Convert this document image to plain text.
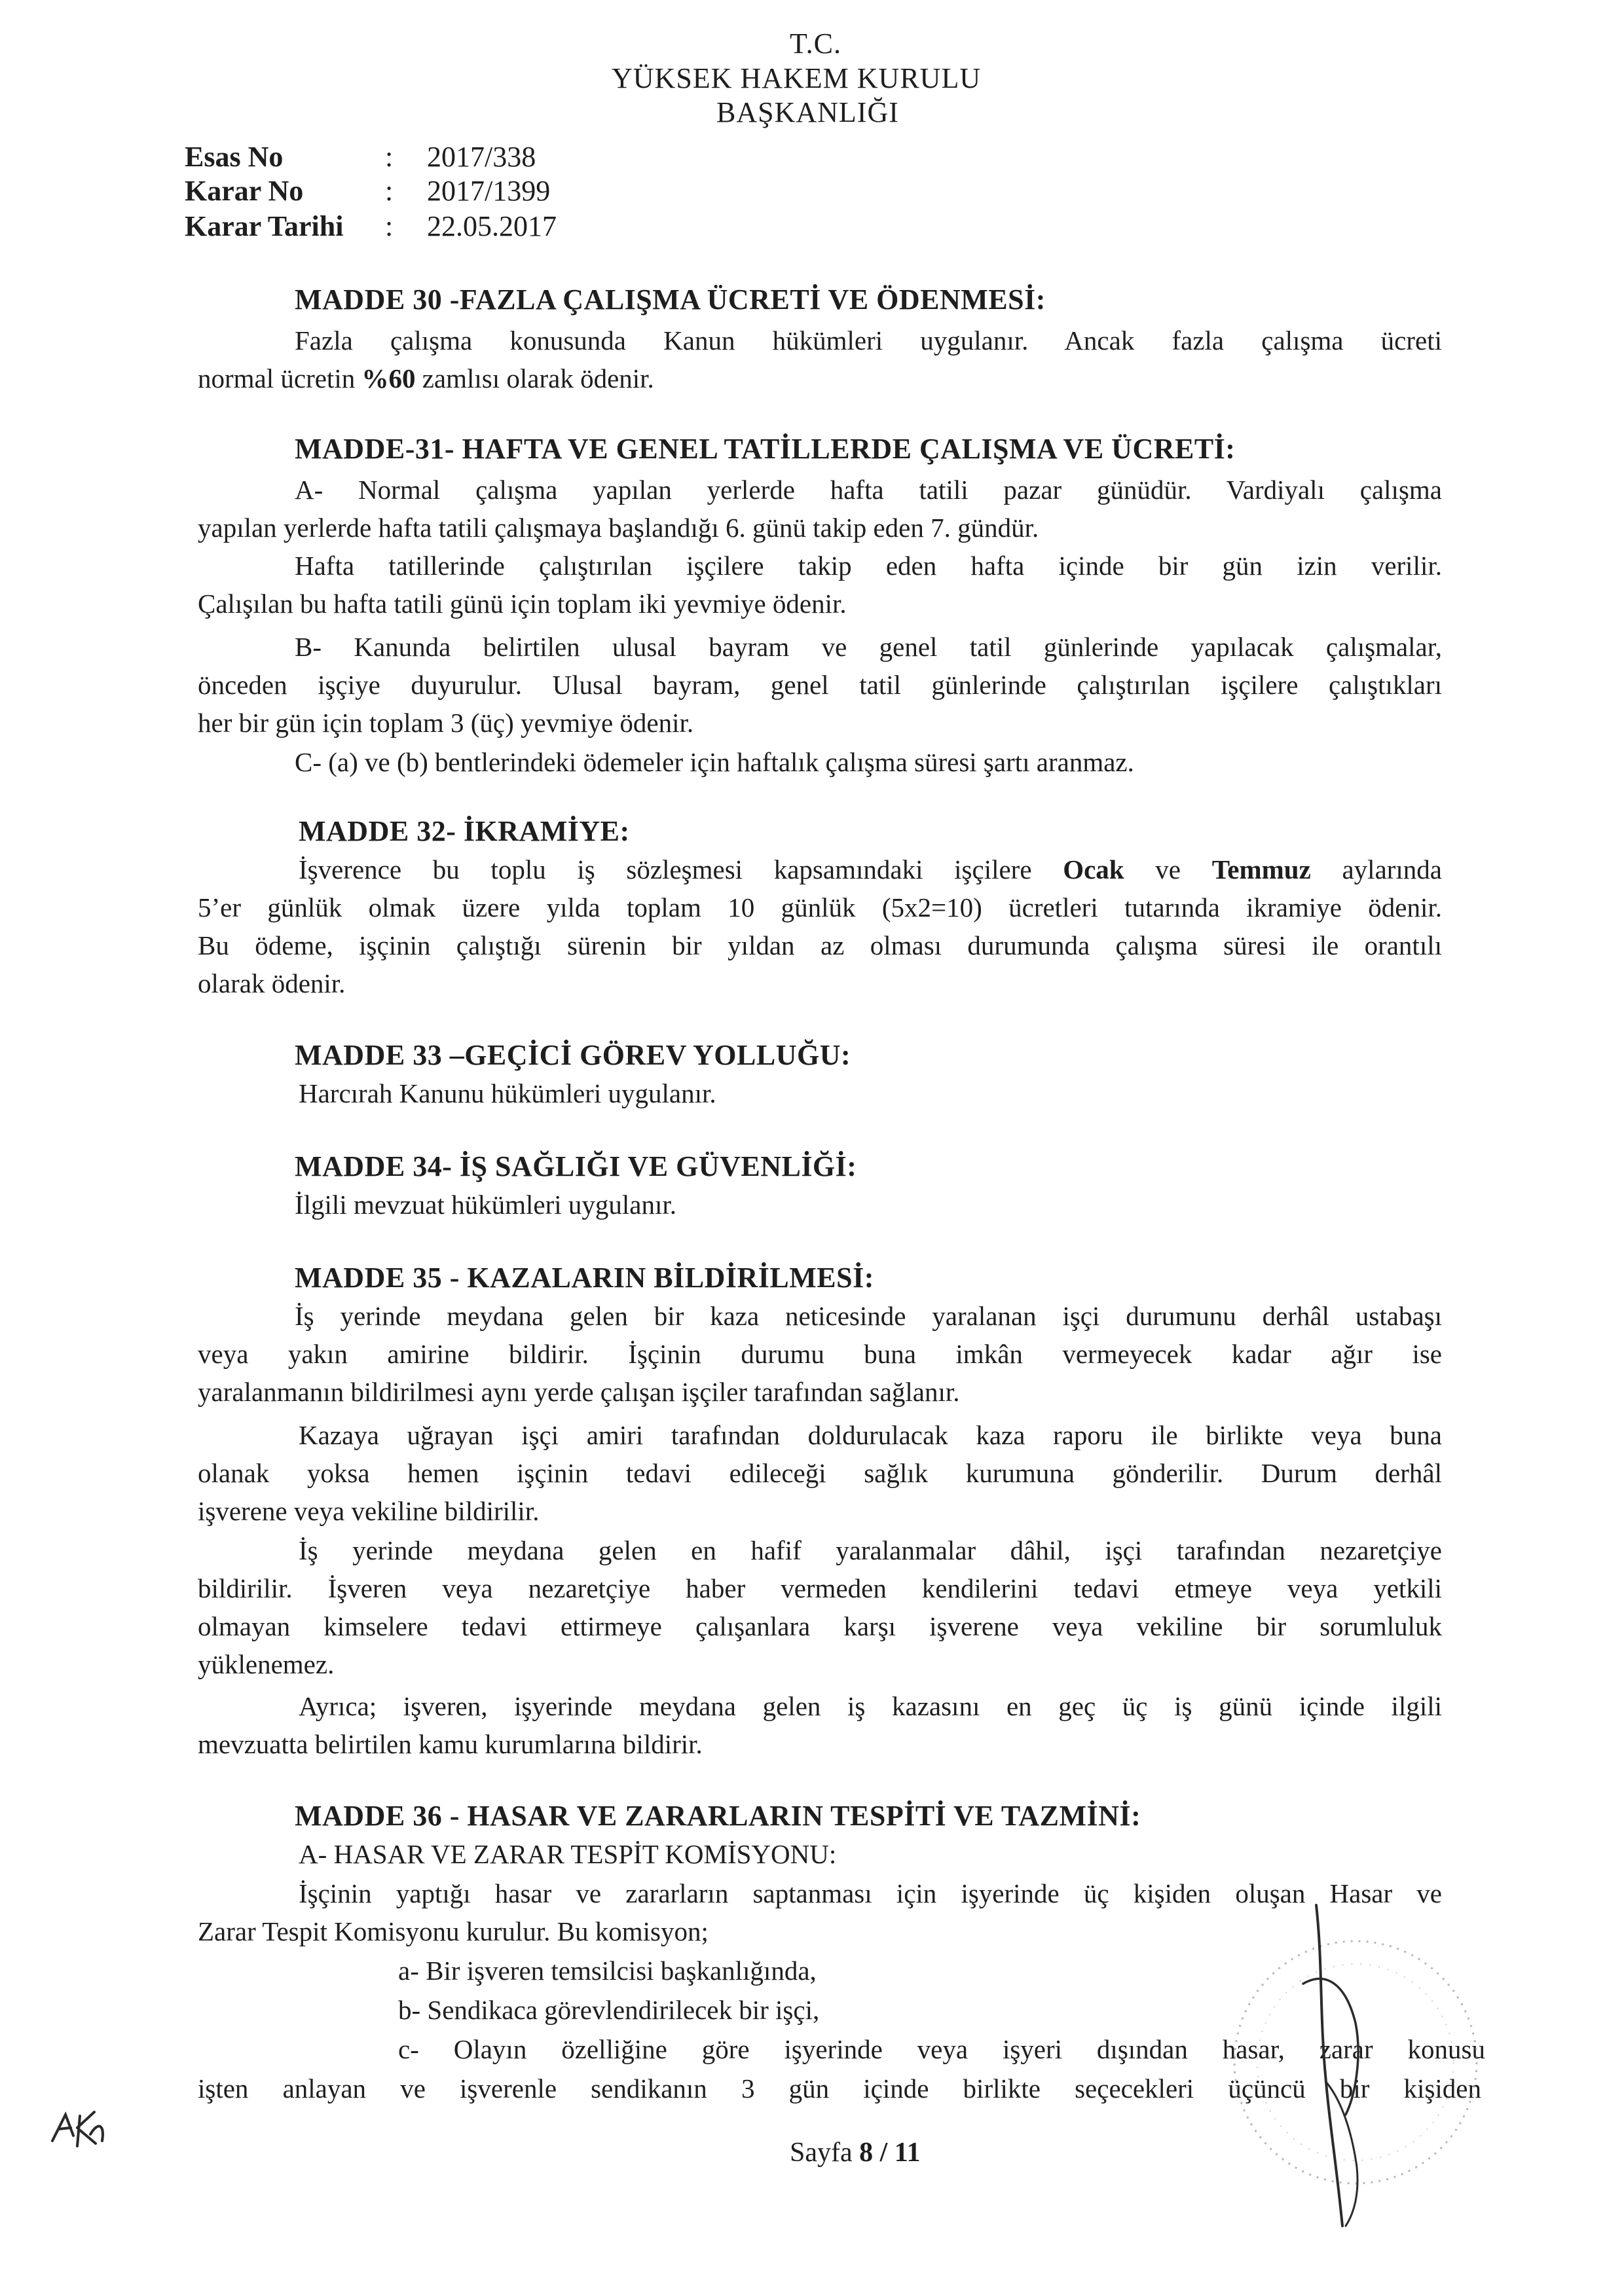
T.C.
YÜKSEK HAKEM KURULU
BAŞKANLIĞI
Esas No	: 2017/338
Karar No	: 2017/1399
Karar Tarihi : 22.05.2017
MADDE 30 -FAZLA ÇALIŞMA ÜCRETİ VE ÖDENMESİ:
Fazla çalışma konusunda Kanun hükümleri uygulanır. Ancak fazla çalışma ücreti
normal ücretin %60 zamlısı olarak ödenir.
MADDE-31- HAFTA VE GENEL TATİLLERDE ÇALIŞMA VE ÜCRETİ:
A- Normal çalışma yapılan yerlerde hafta tatili pazar günüdür. Vardiyalı çalışma
yapılan yerlerde hafta tatili çalışmaya başlandığı 6. günü takip eden 7. gündür.
Hafta tatillerinde çalıştırılan işçilere takip eden hafta içinde bir gün izin verilir.
Çalışılan bu hafta tatili günü için toplam iki yevmiye ödenir.
B- Kanunda belirtilen ulusal bayram ve genel tatil günlerinde yapılacak çalışmalar,
önceden işçiye duyurulur. Ulusal bayram, genel tatil günlerinde çalıştırılan işçilere çalıştıkları
her bir gün için toplam 3 (üç) yevmiye ödenir.
C- (a) ve (b) bentlerindeki ödemeler için haftalık çalışma süresi şartı aranmaz.
MADDE 32- İKRAMİYE:
İşverence bu toplu iş sözleşmesi kapsamındaki işçilere Ocak ve Temmuz aylarında
5’er günlük olmak üzere yılda toplam 10 günlük (5x2=10) ücretleri tutarında ikramiye ödenir.
Bu ödeme, işçinin çalıştığı sürenin bir yıldan az olması durumunda çalışma süresi ile orantılı
olarak ödenir.
MADDE 33 –GEÇİCİ GÖREV YOLLUĞU:
Harcırah Kanunu hükümleri uygulanır.
MADDE 34- İŞ SAĞLIĞI VE GÜVENLİĞİ:
İlgili mevzuat hükümleri uygulanır.
MADDE 35 - KAZALARIN BİLDİRİLMESİ:
İş yerinde meydana gelen bir kaza neticesinde yaralanan işçi durumunu derhâl ustabaşı
veya yakın amirine bildirir. İşçinin durumu buna imkân vermeyecek kadar ağır ise
yaralanmanın bildirilmesi aynı yerde çalışan işçiler tarafından sağlanır.
Kazaya uğrayan işçi amiri tarafından doldurulacak kaza raporu ile birlikte veya buna
olanak yoksa hemen işçinin tedavi edileceği sağlık kurumuna gönderilir. Durum derhâl
işverene veya vekiline bildirilir.
İş yerinde meydana gelen en hafif yaralanmalar dâhil, işçi tarafından nezaretçiye
bildirilir. İşveren veya nezaretçiye haber vermeden kendilerini tedavi etmeye veya yetkili
olmayan kimselere tedavi ettirmeye çalışanlara karşı işverene veya vekiline bir sorumluluk
yüklenemez.
Ayrıca; işveren, işyerinde meydana gelen iş kazasını en geç üç iş günü içinde ilgili
mevzuatta belirtilen kamu kurumlarına bildirir.
MADDE 36 - HASAR VE ZARARLARIN TESPİTİ VE TAZMİNİ:
A- HASAR VE ZARAR TESPİT KOMİSYONU:
İşçinin yaptığı hasar ve zararların saptanması için işyerinde üç kişiden oluşan Hasar ve
Zarar Tespit Komisyonu kurulur. Bu komisyon;
a- Bir işveren temsilcisi başkanlığında,
b- Sendikaca görevlendirilecek bir işçi,
c- Olayın özelliğine göre işyerinde veya işyeri dışından hasar, zarar konusu
işten anlayan ve işverenle sendikanın 3 gün içinde birlikte seçecekleri üçüncü bir kişiden
Sayfa 8 / 11
